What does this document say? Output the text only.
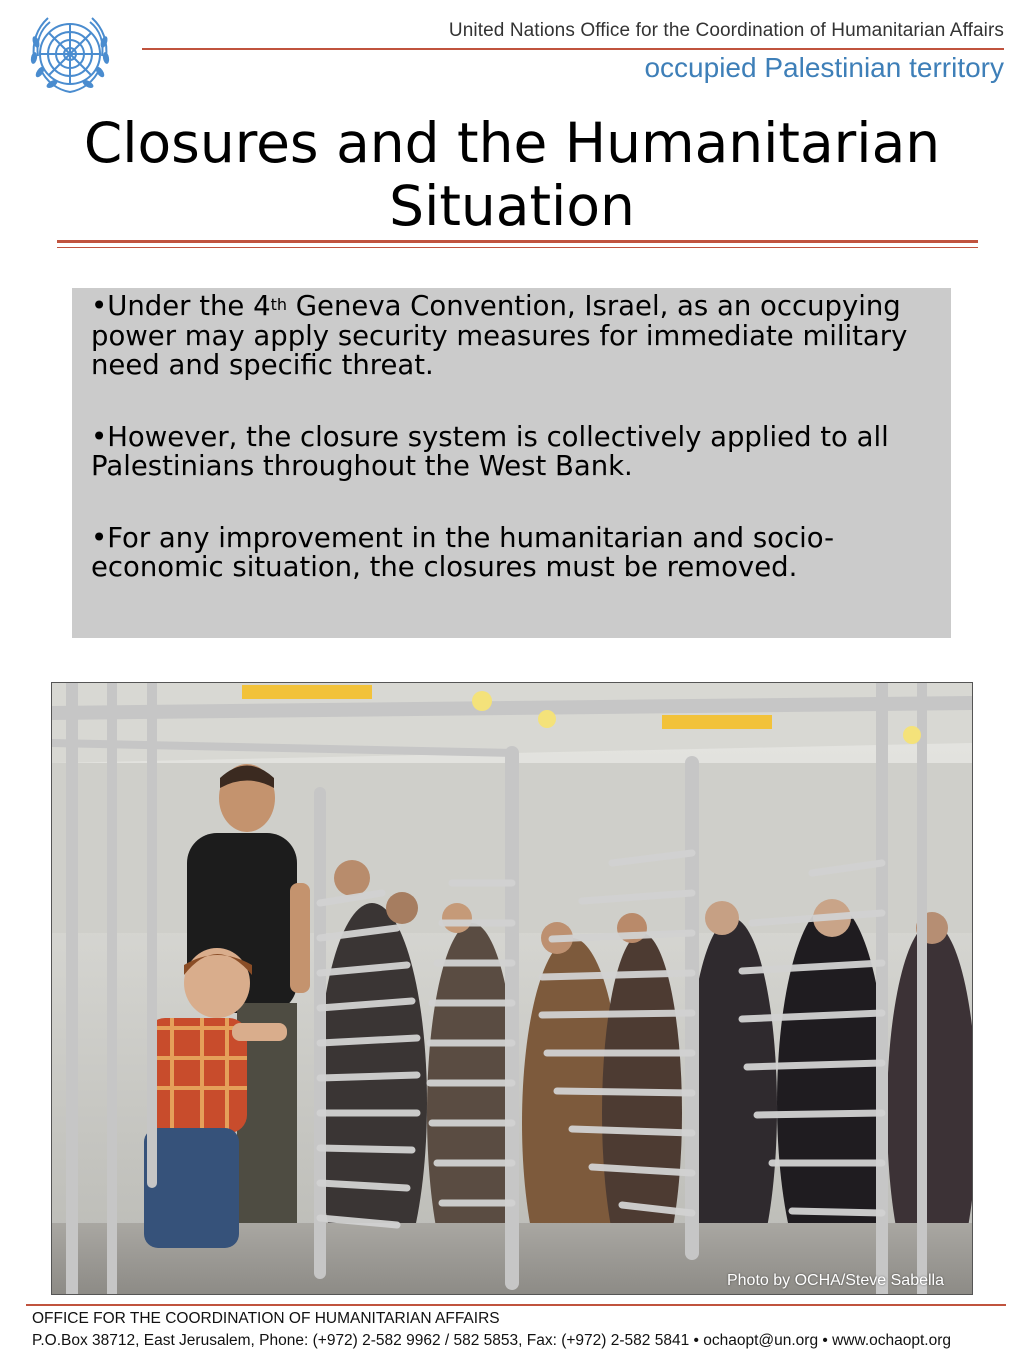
United Nations Office for the Coordination of Humanitarian Affairs
occupied Palestinian territory
Closures and the Humanitarian
Situation

•Under the 4th Geneva Convention, Israel, as an occupying power may apply security measures for immediate military need and specific threat.

•However, the closure system is collectively applied to all Palestinians throughout the West Bank.

•For any improvement in the humanitarian and socio-economic situation, the closures must be removed.

Photo by OCHA/Steve Sabella
OFFICE FOR THE COORDINATION OF HUMANITARIAN AFFAIRS
P.O.Box 38712, East Jerusalem, Phone: (+972) 2-582 9962 / 582 5853, Fax: (+972) 2-582 5841 • ochaopt@un.org • www.ochaopt.org
